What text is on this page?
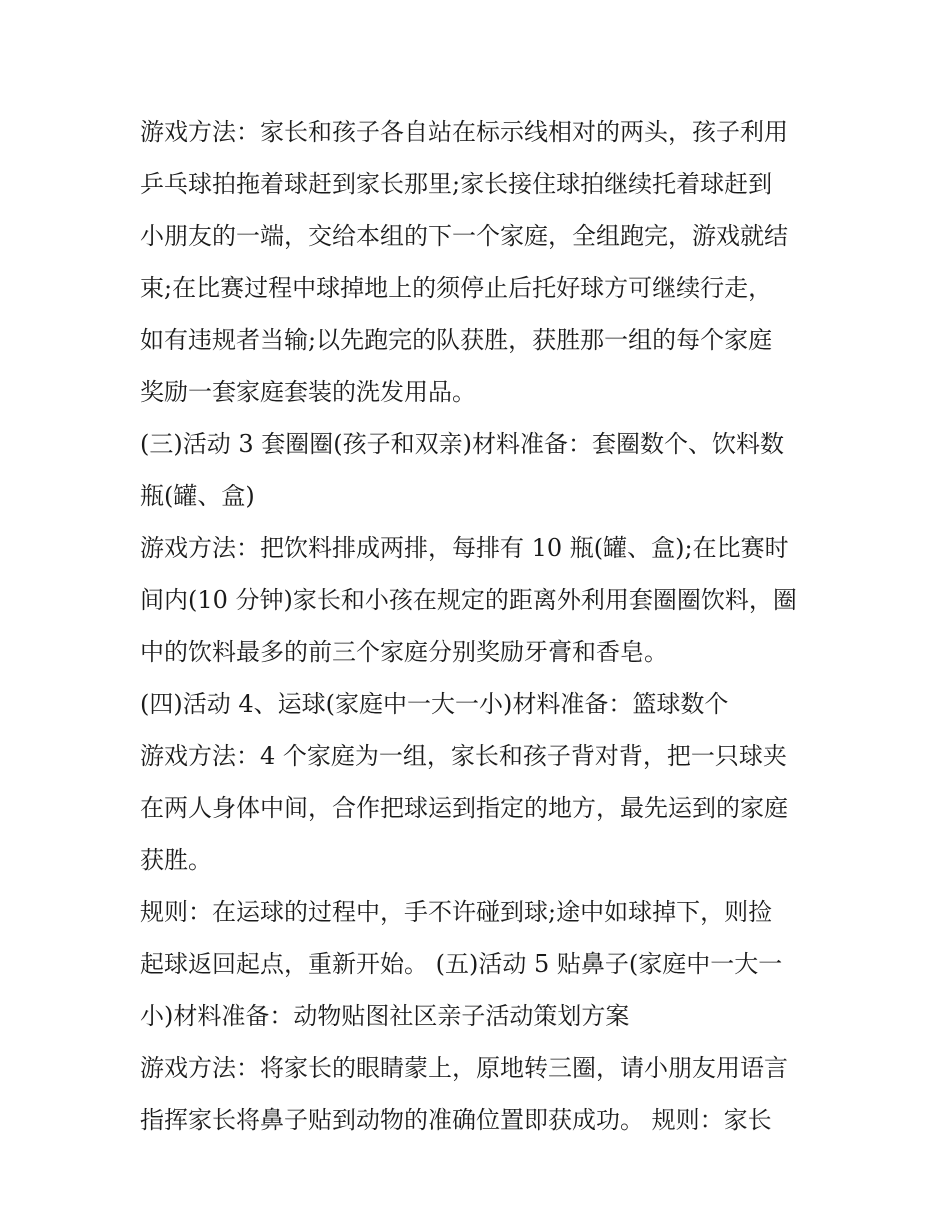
游戏方法：家长和孩子各自站在标示线相对的两头，孩子利用
乒乓球拍拖着球赶到家长那里;家长接住球拍继续托着球赶到
小朋友的一端，交给本组的下一个家庭，全组跑完，游戏就结
束;在比赛过程中球掉地上的须停止后托好球方可继续行走，
如有违规者当输;以先跑完的队获胜，获胜那一组的每个家庭
奖励一套家庭套装的洗发用品。
(三)活动 3 套圈圈(孩子和双亲)材料准备：套圈数个、饮料数
瓶(罐、盒)
游戏方法：把饮料排成两排，每排有 10 瓶(罐、盒);在比赛时
间内(10 分钟)家长和小孩在规定的距离外利用套圈圈饮料，圈
中的饮料最多的前三个家庭分别奖励牙膏和香皂。
(四)活动 4、运球(家庭中一大一小)材料准备：篮球数个
游戏方法：4 个家庭为一组，家长和孩子背对背，把一只球夹
在两人身体中间，合作把球运到指定的地方，最先运到的家庭
获胜。
规则：在运球的过程中，手不许碰到球;途中如球掉下，则捡
起球返回起点，重新开始。 (五)活动 5 贴鼻子(家庭中一大一
小)材料准备：动物贴图社区亲子活动策划方案
游戏方法：将家长的眼睛蒙上，原地转三圈，请小朋友用语言
指挥家长将鼻子贴到动物的准确位置即获成功。 规则：家长
